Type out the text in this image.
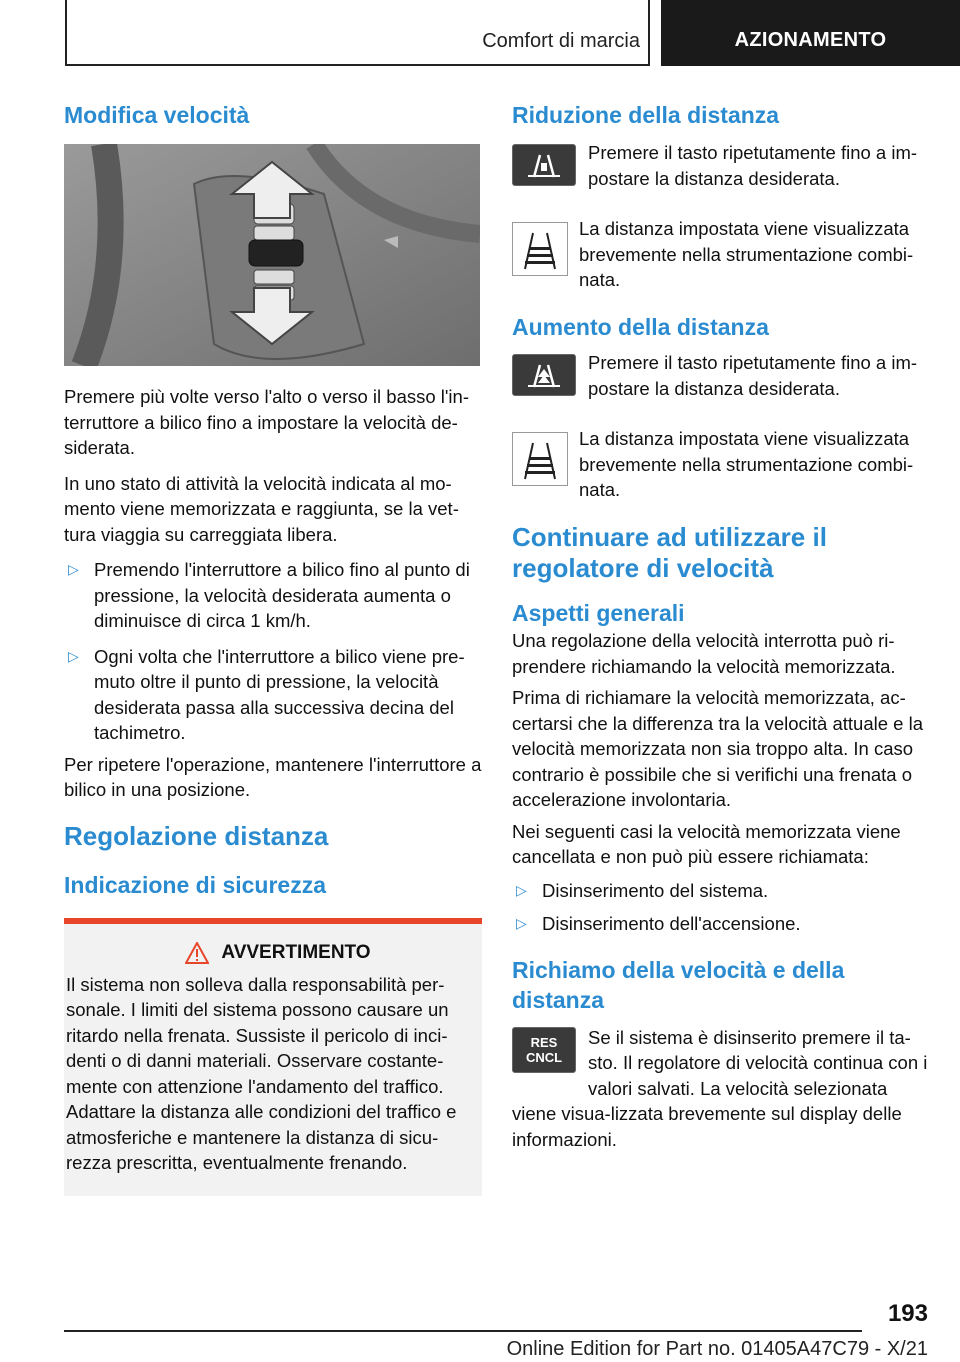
Comfort di marcia	AZIONAMENTO
Modifica velocità

Premere più volte verso l'alto o verso il basso l'in-terruttore a bilico fino a impostare la velocità de-siderata.

In uno stato di attività la velocità indicata al mo-mento viene memorizzata e raggiunta, se la vet-tura viaggia su carreggiata libera.

▷ Premendo l'interruttore a bilico fino al punto di pressione, la velocità desiderata aumenta o diminuisce di circa 1 km/h.
▷ Ogni volta che l'interruttore a bilico viene pre-muto oltre il punto di pressione, la velocità desiderata passa alla successiva decina del tachimetro.

Per ripetere l'operazione, mantenere l'interruttore a bilico in una posizione.

Regolazione distanza
Indicazione di sicurezza
AVVERTIMENTO

Il sistema non solleva dalla responsabilità per-sonale. I limiti del sistema possono causare un ritardo nella frenata. Sussiste il pericolo di inci-denti o di danni materiali. Osservare costante-mente con attenzione l'andamento del traffico. Adattare la distanza alle condizioni del traffico e atmosferiche e mantenere la distanza di sicu-rezza prescritta, eventualmente frenando.

Riduzione della distanza

Premere il tasto ripetutamente fino a im-postare la distanza desiderata.

La distanza impostata viene visualizzata brevemente nella strumentazione combi-nata.

Aumento della distanza

Premere il tasto ripetutamente fino a im-postare la distanza desiderata.

La distanza impostata viene visualizzata brevemente nella strumentazione combi-nata.

Continuare ad utilizzare il regolatore di velocità
Aspetti generali

Una regolazione della velocità interrotta può ri-prendere richiamando la velocità memorizzata.

Prima di richiamare la velocità memorizzata, ac-certarsi che la differenza tra la velocità attuale e la velocità memorizzata non sia troppo alta. In caso contrario è possibile che si verifichi una frenata o accelerazione involontaria.

Nei seguenti casi la velocità memorizzata viene cancellata e non può più essere richiamata:

▷ Disinserimento del sistema.
▷ Disinserimento dell'accensione.
Richiamo della velocità e della distanza
RES
CNCL

Se il sistema è disinserito premere il ta-sto. Il regolatore di velocità continua con i valori salvati. La velocità selezionata viene visua-lizzata brevemente sul display delle informazioni.

193
Online Edition for Part no. 01405A47C79 - X/21
